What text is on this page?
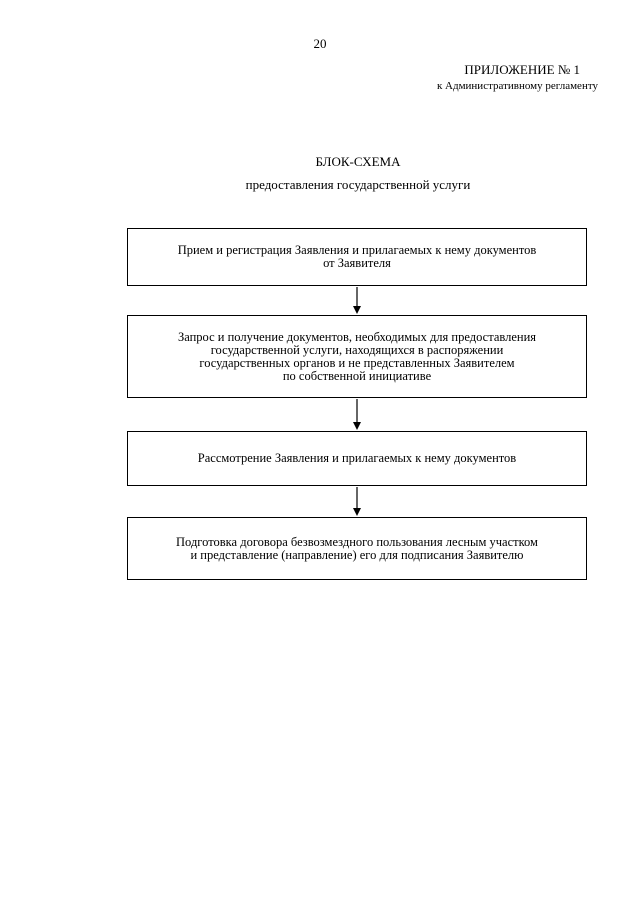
20
ПРИЛОЖЕНИЕ № 1
к Административному регламенту
БЛОК-СХЕМА
предоставления государственной услуги
Прием и регистрация Заявления и прилагаемых к нему документов
от Заявителя
Запрос и получение документов, необходимых для предоставления
государственной услуги, находящихся в распоряжении
государственных органов и не представленных Заявителем
по собственной инициативе
Рассмотрение Заявления и прилагаемых к нему документов
Подготовка договора безвозмездного пользования лесным участком
и представление (направление) его для подписания Заявителю
